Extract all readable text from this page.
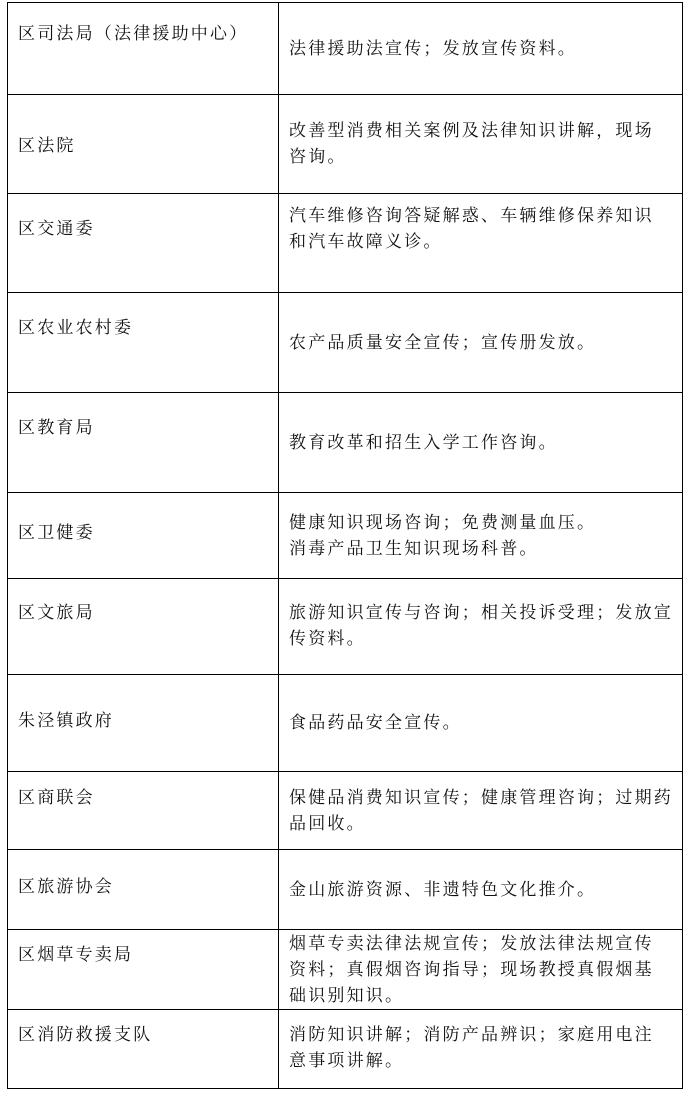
区司法局（法律援助中心）	法律援助法宣传；发放宣传资料。

区法院	改善型消费相关案例及法律知识讲解，现场
咨询。

区交通委	汽车维修咨询答疑解惑、车辆维修保养知识
和汽车故障义诊。

区农业农村委	农产品质量安全宣传；宣传册发放。

区教育局	教育改革和招生入学工作咨询。

区卫健委	健康知识现场咨询；免费测量血压。
消毒产品卫生知识现场科普。

区文旅局	旅游知识宣传与咨询；相关投诉受理；发放宣
传资料。

朱泾镇政府	食品药品安全宣传。

区商联会	保健品消费知识宣传；健康管理咨询；过期药
品回收。

区旅游协会	金山旅游资源、非遗特色文化推介。

区烟草专卖局	烟草专卖法律法规宣传；发放法律法规宣传
资料；真假烟咨询指导；现场教授真假烟基
础识别知识。

区消防救援支队	消防知识讲解；消防产品辨识；家庭用电注
意事项讲解。
